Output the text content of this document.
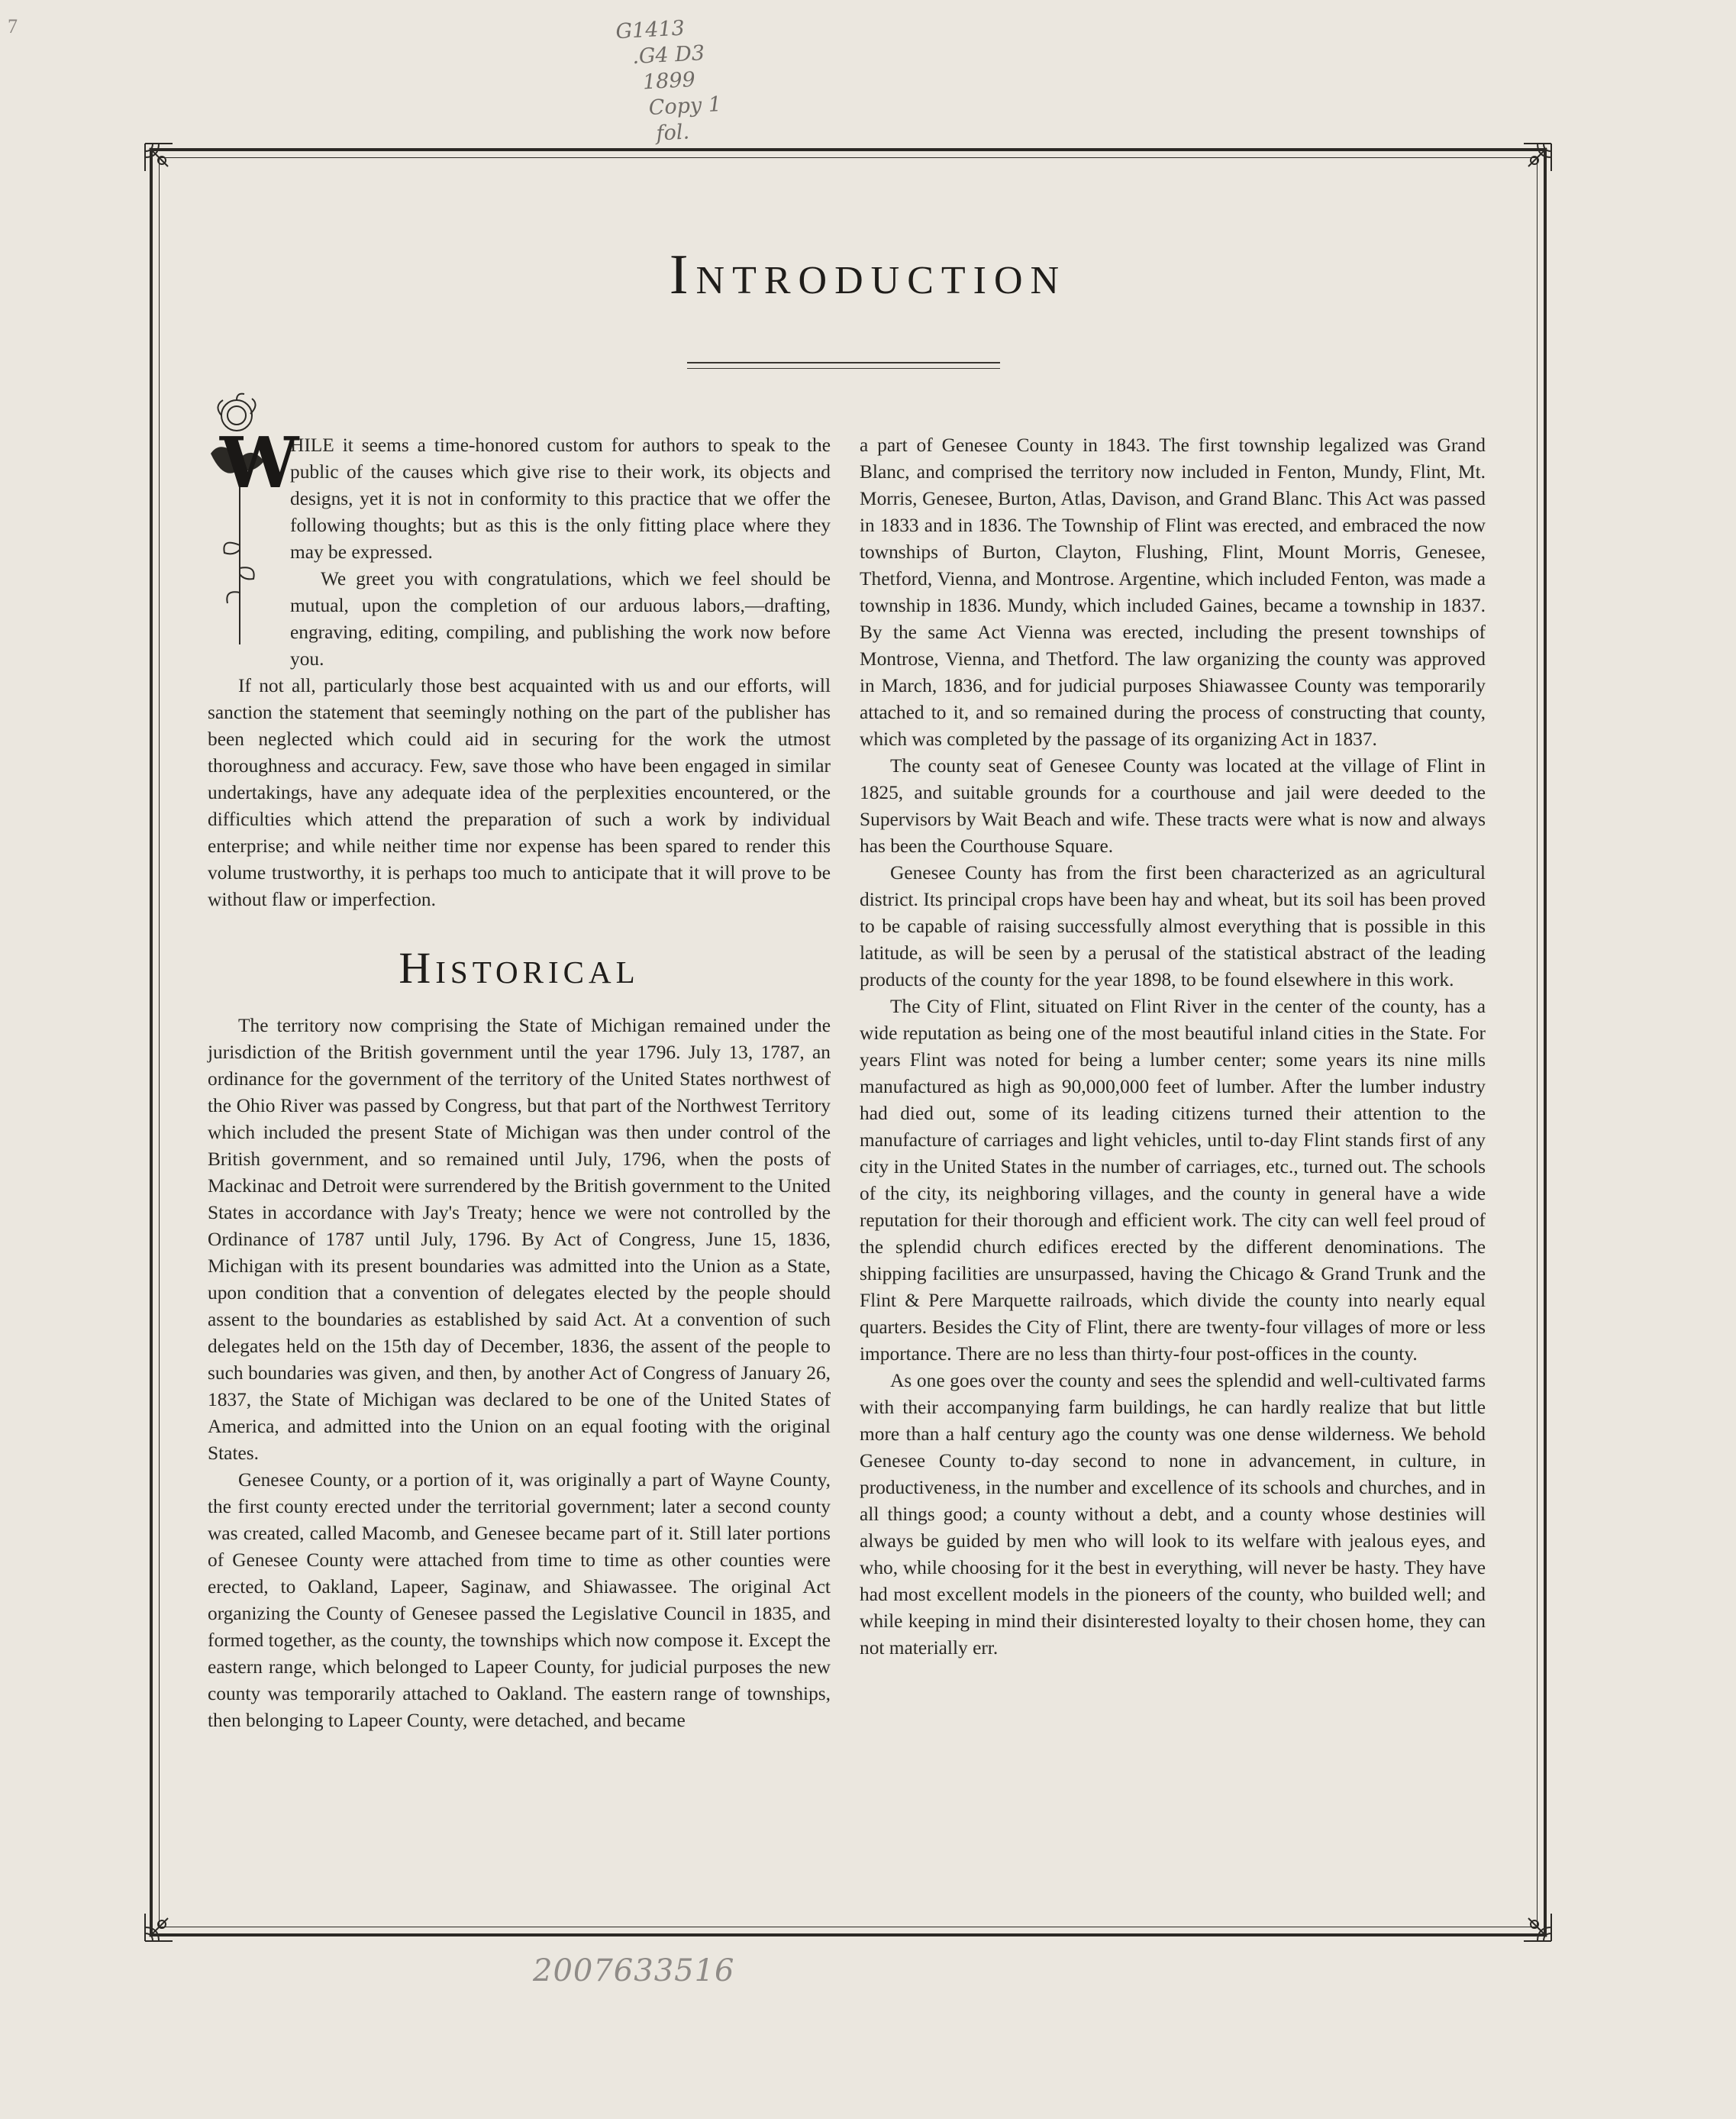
7	G1413
.G4 D3
1899
Copy 1
fol.
Introduction
W

HILE it seems a time-honored custom for authors to speak to the public of the causes which give rise to their work, its objects and designs, yet it is not in conformity to this practice that we offer the following thoughts; but as this is the only fitting place where they may be expressed.

We greet you with congratulations, which we feel should be mutual, upon the completion of our arduous labors,—drafting, engraving, editing, compiling, and publishing the work now before you.

If not all, particularly those best acquainted with us and our efforts, will sanction the statement that seemingly nothing on the part of the publisher has been neglected which could aid in securing for the work the utmost thoroughness and accuracy. Few, save those who have been engaged in similar undertakings, have any adequate idea of the perplexities encountered, or the difficulties which attend the preparation of such a work by individual enterprise; and while neither time nor expense has been spared to render this volume trustworthy, it is perhaps too much to anticipate that it will prove to be without flaw or imperfection.

Historical

The territory now comprising the State of Michigan remained under the jurisdiction of the British government until the year 1796. July 13, 1787, an ordinance for the government of the territory of the United States northwest of the Ohio River was passed by Congress, but that part of the Northwest Territory which included the present State of Michigan was then under control of the British government, and so remained until July, 1796, when the posts of Mackinac and Detroit were surrendered by the British government to the United States in accordance with Jay's Treaty; hence we were not controlled by the Ordinance of 1787 until July, 1796. By Act of Congress, June 15, 1836, Michigan with its present boundaries was admitted into the Union as a State, upon condition that a convention of delegates elected by the people should assent to the boundaries as established by said Act. At a convention of such delegates held on the 15th day of December, 1836, the assent of the people to such boundaries was given, and then, by another Act of Congress of January 26, 1837, the State of Michigan was declared to be one of the United States of America, and admitted into the Union on an equal footing with the original States.

Genesee County, or a portion of it, was originally a part of Wayne County, the first county erected under the territorial government; later a second county was created, called Macomb, and Genesee became part of it. Still later portions of Genesee County were attached from time to time as other counties were erected, to Oakland, Lapeer, Saginaw, and Shiawassee. The original Act organizing the County of Genesee passed the Legislative Council in 1835, and formed together, as the county, the townships which now compose it. Except the eastern range, which belonged to Lapeer County, for judicial purposes the new county was temporarily attached to Oakland. The eastern range of townships, then belonging to Lapeer County, were detached, and became

a part of Genesee County in 1843. The first township legalized was Grand Blanc, and comprised the territory now included in Fenton, Mundy, Flint, Mt. Morris, Genesee, Burton, Atlas, Davison, and Grand Blanc. This Act was passed in 1833 and in 1836. The Township of Flint was erected, and embraced the now townships of Burton, Clayton, Flushing, Flint, Mount Morris, Genesee, Thetford, Vienna, and Montrose. Argentine, which included Fenton, was made a township in 1836. Mundy, which included Gaines, became a township in 1837. By the same Act Vienna was erected, including the present townships of Montrose, Vienna, and Thetford. The law organizing the county was approved in March, 1836, and for judicial purposes Shiawassee County was temporarily attached to it, and so remained during the process of constructing that county, which was completed by the passage of its organizing Act in 1837.

The county seat of Genesee County was located at the village of Flint in 1825, and suitable grounds for a courthouse and jail were deeded to the Supervisors by Wait Beach and wife. These tracts were what is now and always has been the Courthouse Square.

Genesee County has from the first been characterized as an agricultural district. Its principal crops have been hay and wheat, but its soil has been proved to be capable of raising successfully almost everything that is possible in this latitude, as will be seen by a perusal of the statistical abstract of the leading products of the county for the year 1898, to be found elsewhere in this work.

The City of Flint, situated on Flint River in the center of the county, has a wide reputation as being one of the most beautiful inland cities in the State. For years Flint was noted for being a lumber center; some years its nine mills manufactured as high as 90,000,000 feet of lumber. After the lumber industry had died out, some of its leading citizens turned their attention to the manufacture of carriages and light vehicles, until to-day Flint stands first of any city in the United States in the number of carriages, etc., turned out. The schools of the city, its neighboring villages, and the county in general have a wide reputation for their thorough and efficient work. The city can well feel proud of the splendid church edifices erected by the different denominations. The shipping facilities are unsurpassed, having the Chicago & Grand Trunk and the Flint & Pere Marquette railroads, which divide the county into nearly equal quarters. Besides the City of Flint, there are twenty-four villages of more or less importance. There are no less than thirty-four post-offices in the county.

As one goes over the county and sees the splendid and well-cultivated farms with their accompanying farm buildings, he can hardly realize that but little more than a half century ago the county was one dense wilderness. We behold Genesee County to-day second to none in advancement, in culture, in productiveness, in the number and excellence of its schools and churches, and in all things good; a county without a debt, and a county whose destinies will always be guided by men who will look to its welfare with jealous eyes, and who, while choosing for it the best in everything, will never be hasty. They have had most excellent models in the pioneers of the county, who builded well; and while keeping in mind their disinterested loyalty to their chosen home, they can not materially err.

2007633516
